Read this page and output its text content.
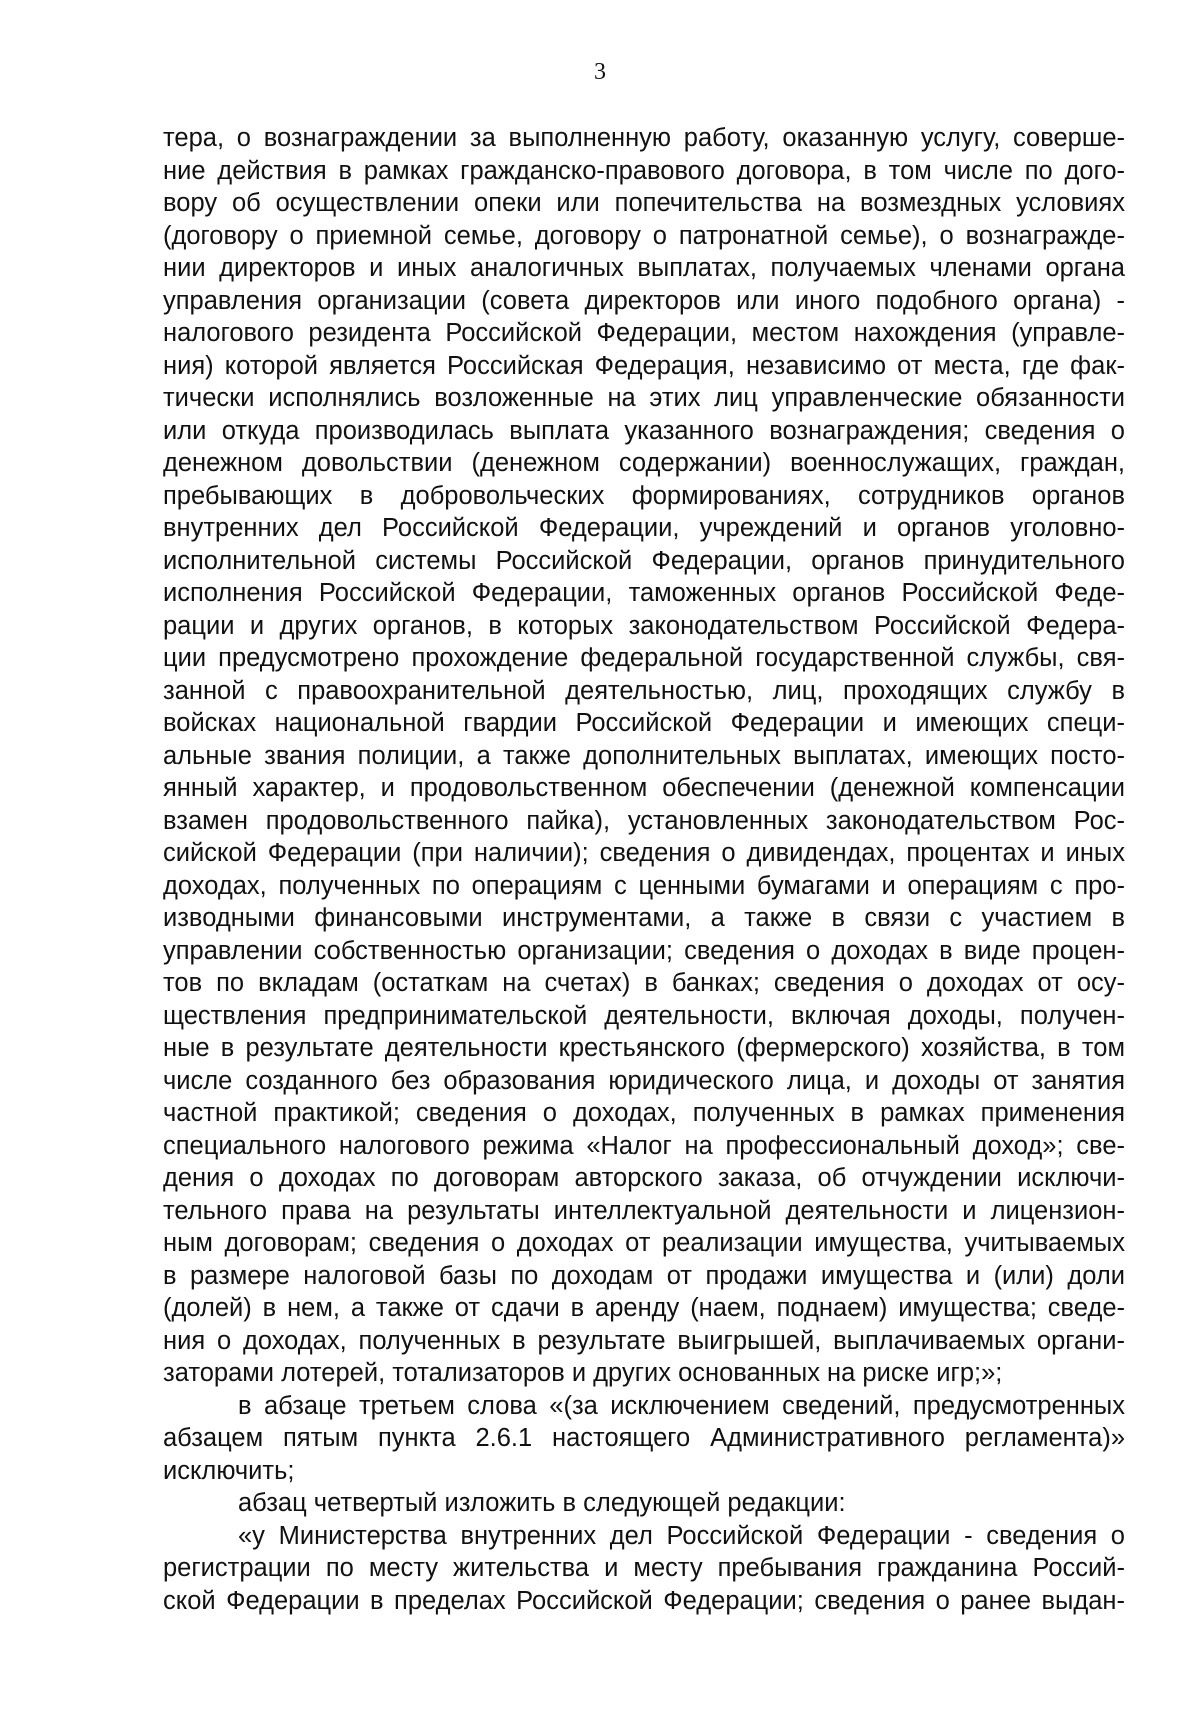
3
тера, о вознаграждении за выполненную работу, оказанную услугу, соверше-
ние действия в рамках гражданско-правового договора, в том числе по дого-
вору об осуществлении опеки или попечительства на возмездных условиях
(договору о приемной семье, договору о патронатной семье), о вознагражде-
нии директоров и иных аналогичных выплатах, получаемых членами органа
управления организации (совета директоров или иного подобного органа) -
налогового резидента Российской Федерации, местом нахождения (управле-
ния) которой является Российская Федерация, независимо от места, где фак-
тически исполнялись возложенные на этих лиц управленческие обязанности
или откуда производилась выплата указанного вознаграждения; сведения о
денежном довольствии (денежном содержании) военнослужащих, граждан,
пребывающих в добровольческих формированиях, сотрудников органов
внутренних дел Российской Федерации, учреждений и органов уголовно-
исполнительной системы Российской Федерации, органов принудительного
исполнения Российской Федерации, таможенных органов Российской Феде-
рации и других органов, в которых законодательством Российской Федера-
ции предусмотрено прохождение федеральной государственной службы, свя-
занной с правоохранительной деятельностью, лиц, проходящих службу в
войсках национальной гвардии Российской Федерации и имеющих специ-
альные звания полиции, а также дополнительных выплатах, имеющих посто-
янный характер, и продовольственном обеспечении (денежной компенсации
взамен продовольственного пайка), установленных законодательством Рос-
сийской Федерации (при наличии); сведения о дивидендах, процентах и иных
доходах, полученных по операциям с ценными бумагами и операциям с про-
изводными финансовыми инструментами, а также в связи с участием в
управлении собственностью организации; сведения о доходах в виде процен-
тов по вкладам (остаткам на счетах) в банках; сведения о доходах от осу-
ществления предпринимательской деятельности, включая доходы, получен-
ные в результате деятельности крестьянского (фермерского) хозяйства, в том
числе созданного без образования юридического лица, и доходы от занятия
частной практикой; сведения о доходах, полученных в рамках применения
специального налогового режима «Налог на профессиональный доход»; све-
дения о доходах по договорам авторского заказа, об отчуждении исключи-
тельного права на результаты интеллектуальной деятельности и лицензион-
ным договорам; сведения о доходах от реализации имущества, учитываемых
в размере налоговой базы по доходам от продажи имущества и (или) доли
(долей) в нем, а также от сдачи в аренду (наем, поднаем) имущества; сведе-
ния о доходах, полученных в результате выигрышей, выплачиваемых органи-
заторами лотерей, тотализаторов и других основанных на риске игр;»;
в абзаце третьем слова «(за исключением сведений, предусмотренных
абзацем пятым пункта 2.6.1 настоящего Административного регламента)»
исключить;
абзац четвертый изложить в следующей редакции:
«у Министерства внутренних дел Российской Федерации - сведения о
регистрации по месту жительства и месту пребывания гражданина Россий-
ской Федерации в пределах Российской Федерации; сведения о ранее выдан-
